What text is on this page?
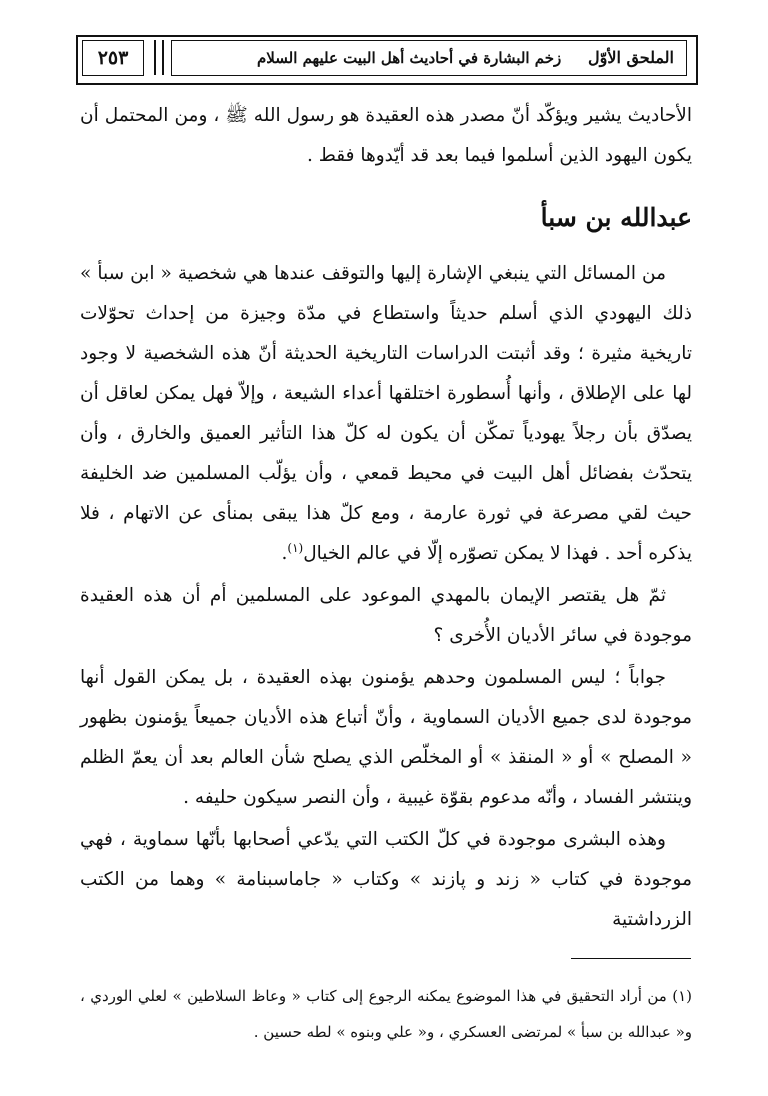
٢٥٣	الملحق الأوّل
زخم البشارة في أحاديث أهل البيت عليهم السلام

الأحاديث يشير ويؤكّد أنّ مصدر هذه العقيدة هو رسول الله ﷺ ، ومن المحتمل أن يكون اليهود الذين أسلموا فيما بعد قد أيّدوها فقط .

عبدالله بن سبأ

من المسائل التي ينبغي الإشارة إليها والتوقف عندها هي شخصية « ابن سبأ » ذلك اليهودي الذي أسلم حديثاً واستطاع في مدّة وجيزة من إحداث تحوّلات تاريخية مثيرة ؛ وقد أثبتت الدراسات التاريخية الحديثة أنّ هذه الشخصية لا وجود لها على الإطلاق ، وأنها أُسطورة اختلقها أعداء الشيعة ، وإلاّ فهل يمكن لعاقل أن يصدّق بأن رجلاً يهودياً تمكّن أن يكون له كلّ هذا التأثير العميق والخارق ، وأن يتحدّث بفضائل أهل البيت في محيط قمعي ، وأن يؤلّب المسلمين ضد الخليفة حيث لقي مصرعة في ثورة عارمة ، ومع كلّ هذا يبقى بمنأى عن الاتهام ، فلا يذكره أحد . فهذا لا يمكن تصوّره إلّا في عالم الخيال$^{(١)}$.

ثمّ هل يقتصر الإيمان بالمهدي الموعود على المسلمين أم أن هذه العقيدة موجودة في سائر الأديان الأُخرى ؟

جواباً ؛ ليس المسلمون وحدهم يؤمنون بهذه العقيدة ، بل يمكن القول أنها موجودة لدى جميع الأديان السماوية ، وأنّ أتباع هذه الأديان جميعاً يؤمنون بظهور « المصلح » أو « المنقذ » أو المخلّص الذي يصلح شأن العالم بعد أن يعمّ الظلم وينتشر الفساد ، وأنّه مدعوم بقوّة غيبية ، وأن النصر سيكون حليفه .

وهذه البشرى موجودة في كلّ الكتب التي يدّعي أصحابها بأنّها سماوية ، فهي موجودة في كتاب « زند و پازند » وكتاب « جاماسبنامة » وهما من الكتب الزرداشتية

(١) من أراد التحقيق في هذا الموضوع يمكنه الرجوع إلى كتاب « وعاظ السلاطين » لعلي الوردي ، و« عبدالله بن سبأ » لمرتضى العسكري ، و« علي وبنوه » لطه حسين .
